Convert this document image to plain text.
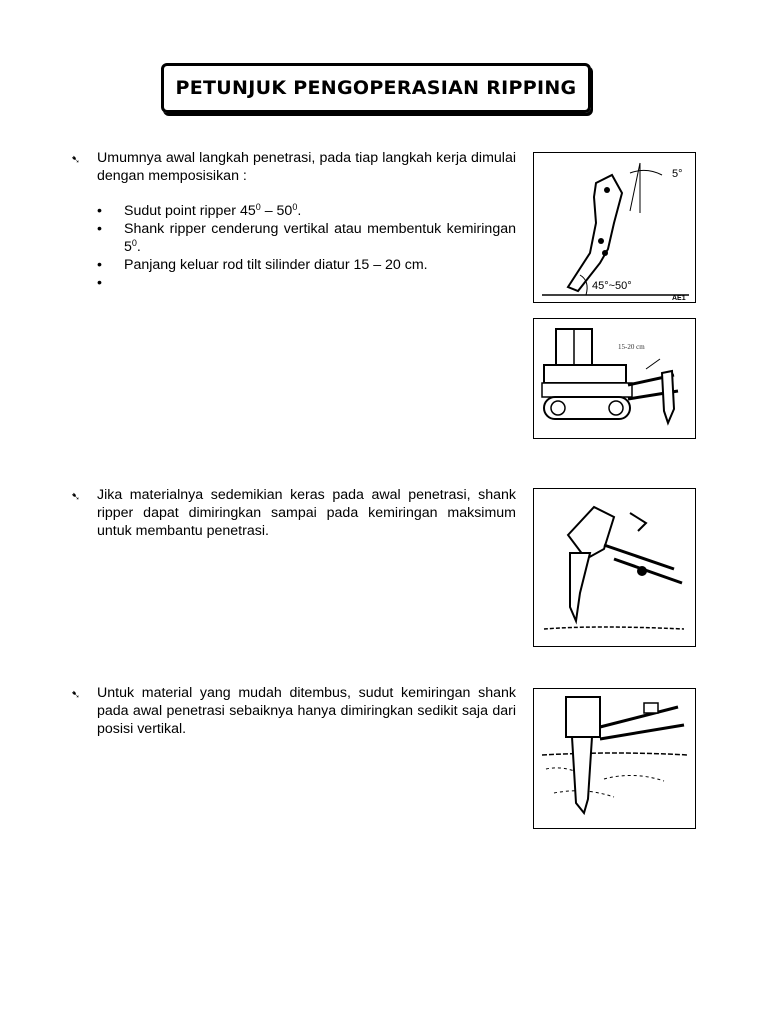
PETUNJUK PENGOPERASIAN RIPPING
➷ Umumnya awal langkah penetrasi, pada tiap langkah kerja dimulai dengan memposisikan :
• Sudut point ripper $45^0 - 50^0$.
• Shank ripper cenderung vertikal atau membentuk kemiringan $5^0$.
• Panjang keluar rod tilt silinder diatur 15 – 20 cm.
•
5°
45°~50°
AE1
15-20 cm
➷ Jika materialnya sedemikian keras pada awal penetrasi, shank ripper dapat dimiringkan sampai pada kemiringan maksimum untuk membantu penetrasi.
➷ Untuk material yang mudah ditembus, sudut kemiringan shank pada awal penetrasi sebaiknya hanya dimiringkan sedikit saja dari posisi vertikal.
